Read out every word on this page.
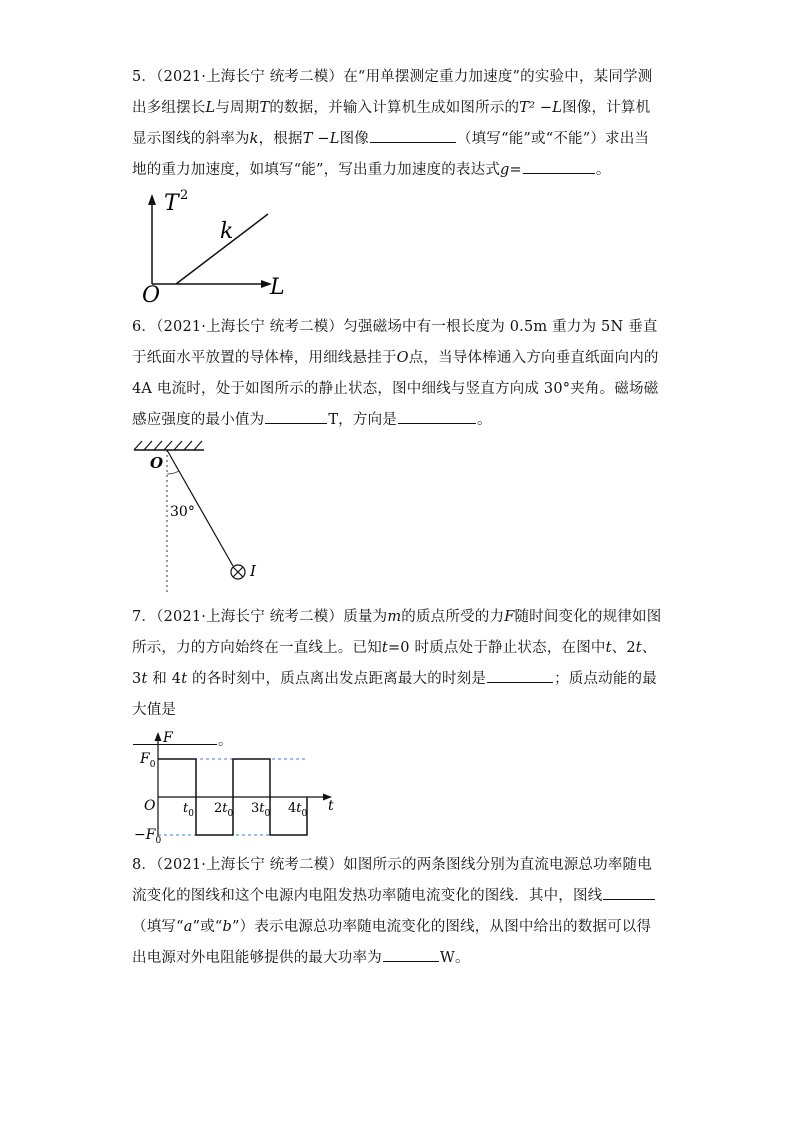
5．（2021·上海长宁 统考二模）在“用单摆测定重力加速度”的实验中，某同学测出多组摆长L与周期T的数据，并输入计算机生成如图所示的T² −L图像，计算机显示图线的斜率为k，根据T −L图像	（填写“能”或“不能”）求出当地的重力加速度，如填写“能”，写出重力加速度的表达式g=	。
T 2
k
L
O
6．（2021·上海长宁 统考二模）匀强磁场中有一根长度为 0.5m 重力为 5N 垂直于纸面水平放置的导体棒，用细线悬挂于O点，当导体棒通入方向垂直纸面向内的 4A 电流时，处于如图所示的静止状态，图中细线与竖直方向成 30°夹角。磁场磁感应强度的最小值为	T，方向是	。
O
30°
I
7．（2021·上海长宁 统考二模）质量为m的质点所受的力F随时间变化的规律如图所示，力的方向始终在一直线上。已知t=0 时质点处于静止状态，在图中t、2t、3t 和 4t 的各时刻中，质点离出发点距离最大的时刻是	；质点动能的最大值是
。
F
t
O
$F_0$
$-F_0$
$t_0$ $2t_0$ $3t_0$ $4t_0$
8．（2021·上海长宁 统考二模）如图所示的两条图线分别为直流电源总功率随电流变化的图线和这个电源内电阻发热功率随电流变化的图线．其中，图线（填写“a”或“b”）表示电源总功率随电流变化的图线，从图中给出的数据可以得出电源对外电阻能够提供的最大功率为	W。
